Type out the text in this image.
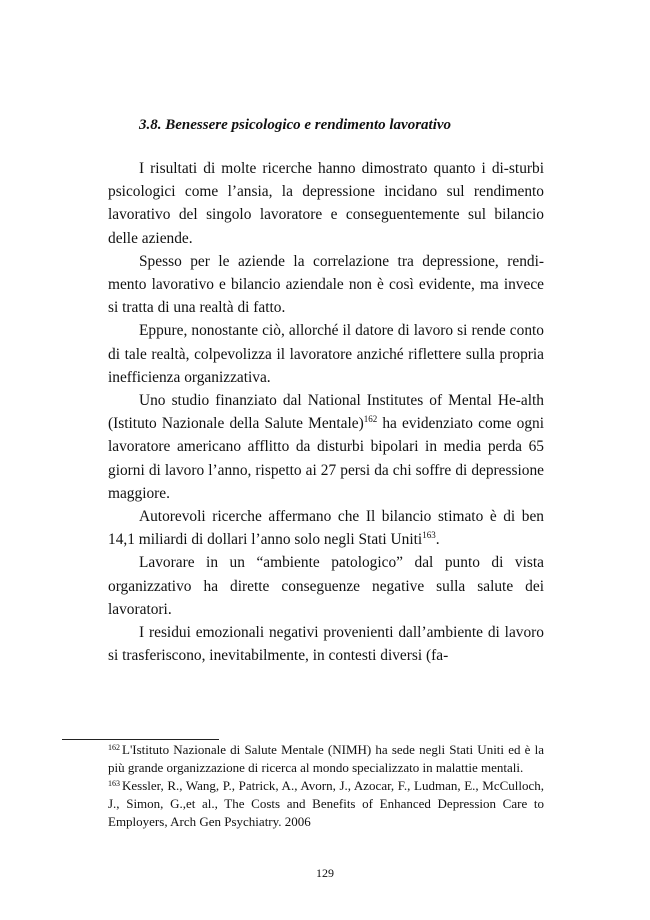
3.8. Benessere psicologico e rendimento lavorativo

I risultati di molte ricerche hanno dimostrato quanto i di-sturbi psicologici come l’ansia, la depressione incidano sul rendimento lavorativo del singolo lavoratore e conseguentemente sul bilancio delle aziende.

Spesso per le aziende la correlazione tra depressione, rendi-mento lavorativo e bilancio aziendale non è così evidente, ma invece si tratta di una realtà di fatto.

Eppure, nonostante ciò, allorché il datore di lavoro si rende conto di tale realtà, colpevolizza il lavoratore anziché riflettere sulla propria inefficienza organizzativa.

Uno studio finanziato dal National Institutes of Mental He-alth (Istituto Nazionale della Salute Mentale)$^{162}$ ha evidenziato come ogni lavoratore americano afflitto da disturbi bipolari in media perda 65 giorni di lavoro l’anno, rispetto ai 27 persi da chi soffre di depressione maggiore.

Autorevoli ricerche affermano che Il bilancio stimato è di ben 14,1 miliardi di dollari l’anno solo negli Stati Uniti$^{163}$.

Lavorare in un “ambiente patologico” dal punto di vista organizzativo ha dirette conseguenze negative sulla salute dei lavoratori.

I residui emozionali negativi provenienti dall’ambiente di lavoro si trasferiscono, inevitabilmente, in contesti diversi (fa-

$^{162}$ L'Istituto Nazionale di Salute Mentale (NIMH) ha sede negli Stati Uniti ed è la più grande organizzazione di ricerca al mondo specializzato in malattie mentali.

$^{163}$ Kessler, R., Wang, P., Patrick, A., Avorn, J., Azocar, F., Ludman, E., McCulloch, J., Simon, G.,et al., The Costs and Benefits of Enhanced Depression Care to Employers, Arch Gen Psychiatry. 2006

129
